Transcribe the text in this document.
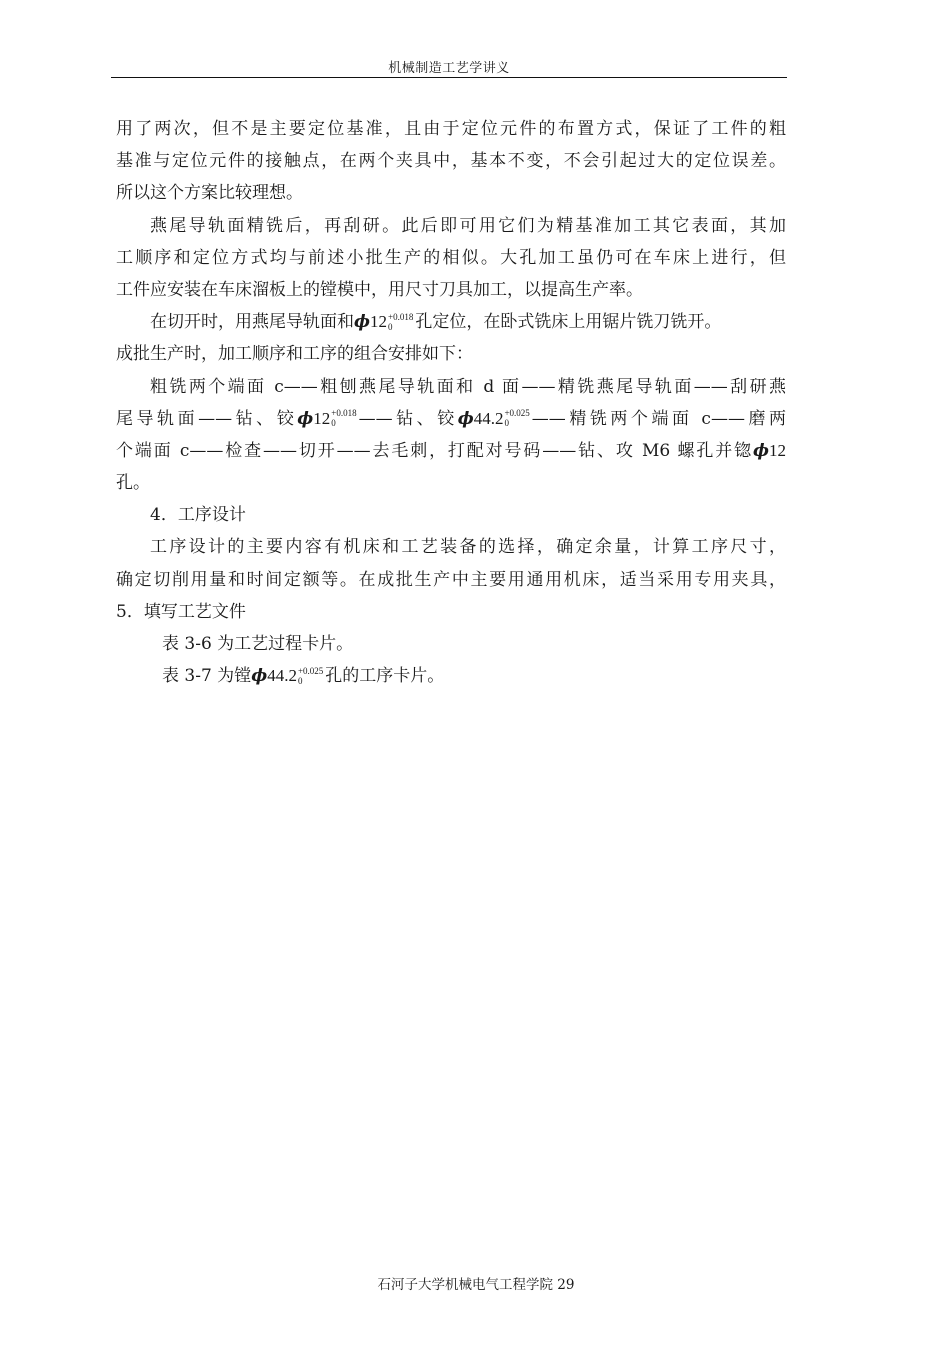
机械制造工艺学讲义
用了两次，但不是主要定位基准，且由于定位元件的布置方式，保证了工件的粗
基准与定位元件的接触点，在两个夹具中，基本不变，不会引起过大的定位误差。
所以这个方案比较理想。
燕尾导轨面精铣后，再刮研。此后即可用它们为精基准加工其它表面，其加
工顺序和定位方式均与前述小批生产的相似。大孔加工虽仍可在车床上进行，但
工件应安装在车床溜板上的镗模中，用尺寸刀具加工，以提高生产率。
在切开时，用燕尾导轨面和ϕ12 +0.018
0	孔定位，在卧式铣床上用锯片铣刀铣开。
成批生产时，加工顺序和工序的组合安排如下：
粗铣两个端面 c——粗刨燕尾导轨面和 d 面——精铣燕尾导轨面——刮研燕
尾导轨面——钻、铰ϕ12 +0.018
0	——钻、铰ϕ44.2 +0.025
0	——精铣两个端面 c——磨两
个端面 c——检查——切开——去毛刺，打配对号码——钻、攻 M6 螺孔并锪ϕ12
孔。
4．工序设计
工序设计的主要内容有机床和工艺装备的选择，确定余量，计算工序尺寸，
确定切削用量和时间定额等。在成批生产中主要用通用机床，适当采用专用夹具，
5．填写工艺文件
表 3-6 为工艺过程卡片。
表 3-7 为镗ϕ44.2 +0.025
0	孔的工序卡片。
石河子大学机械电气工程学院 29
